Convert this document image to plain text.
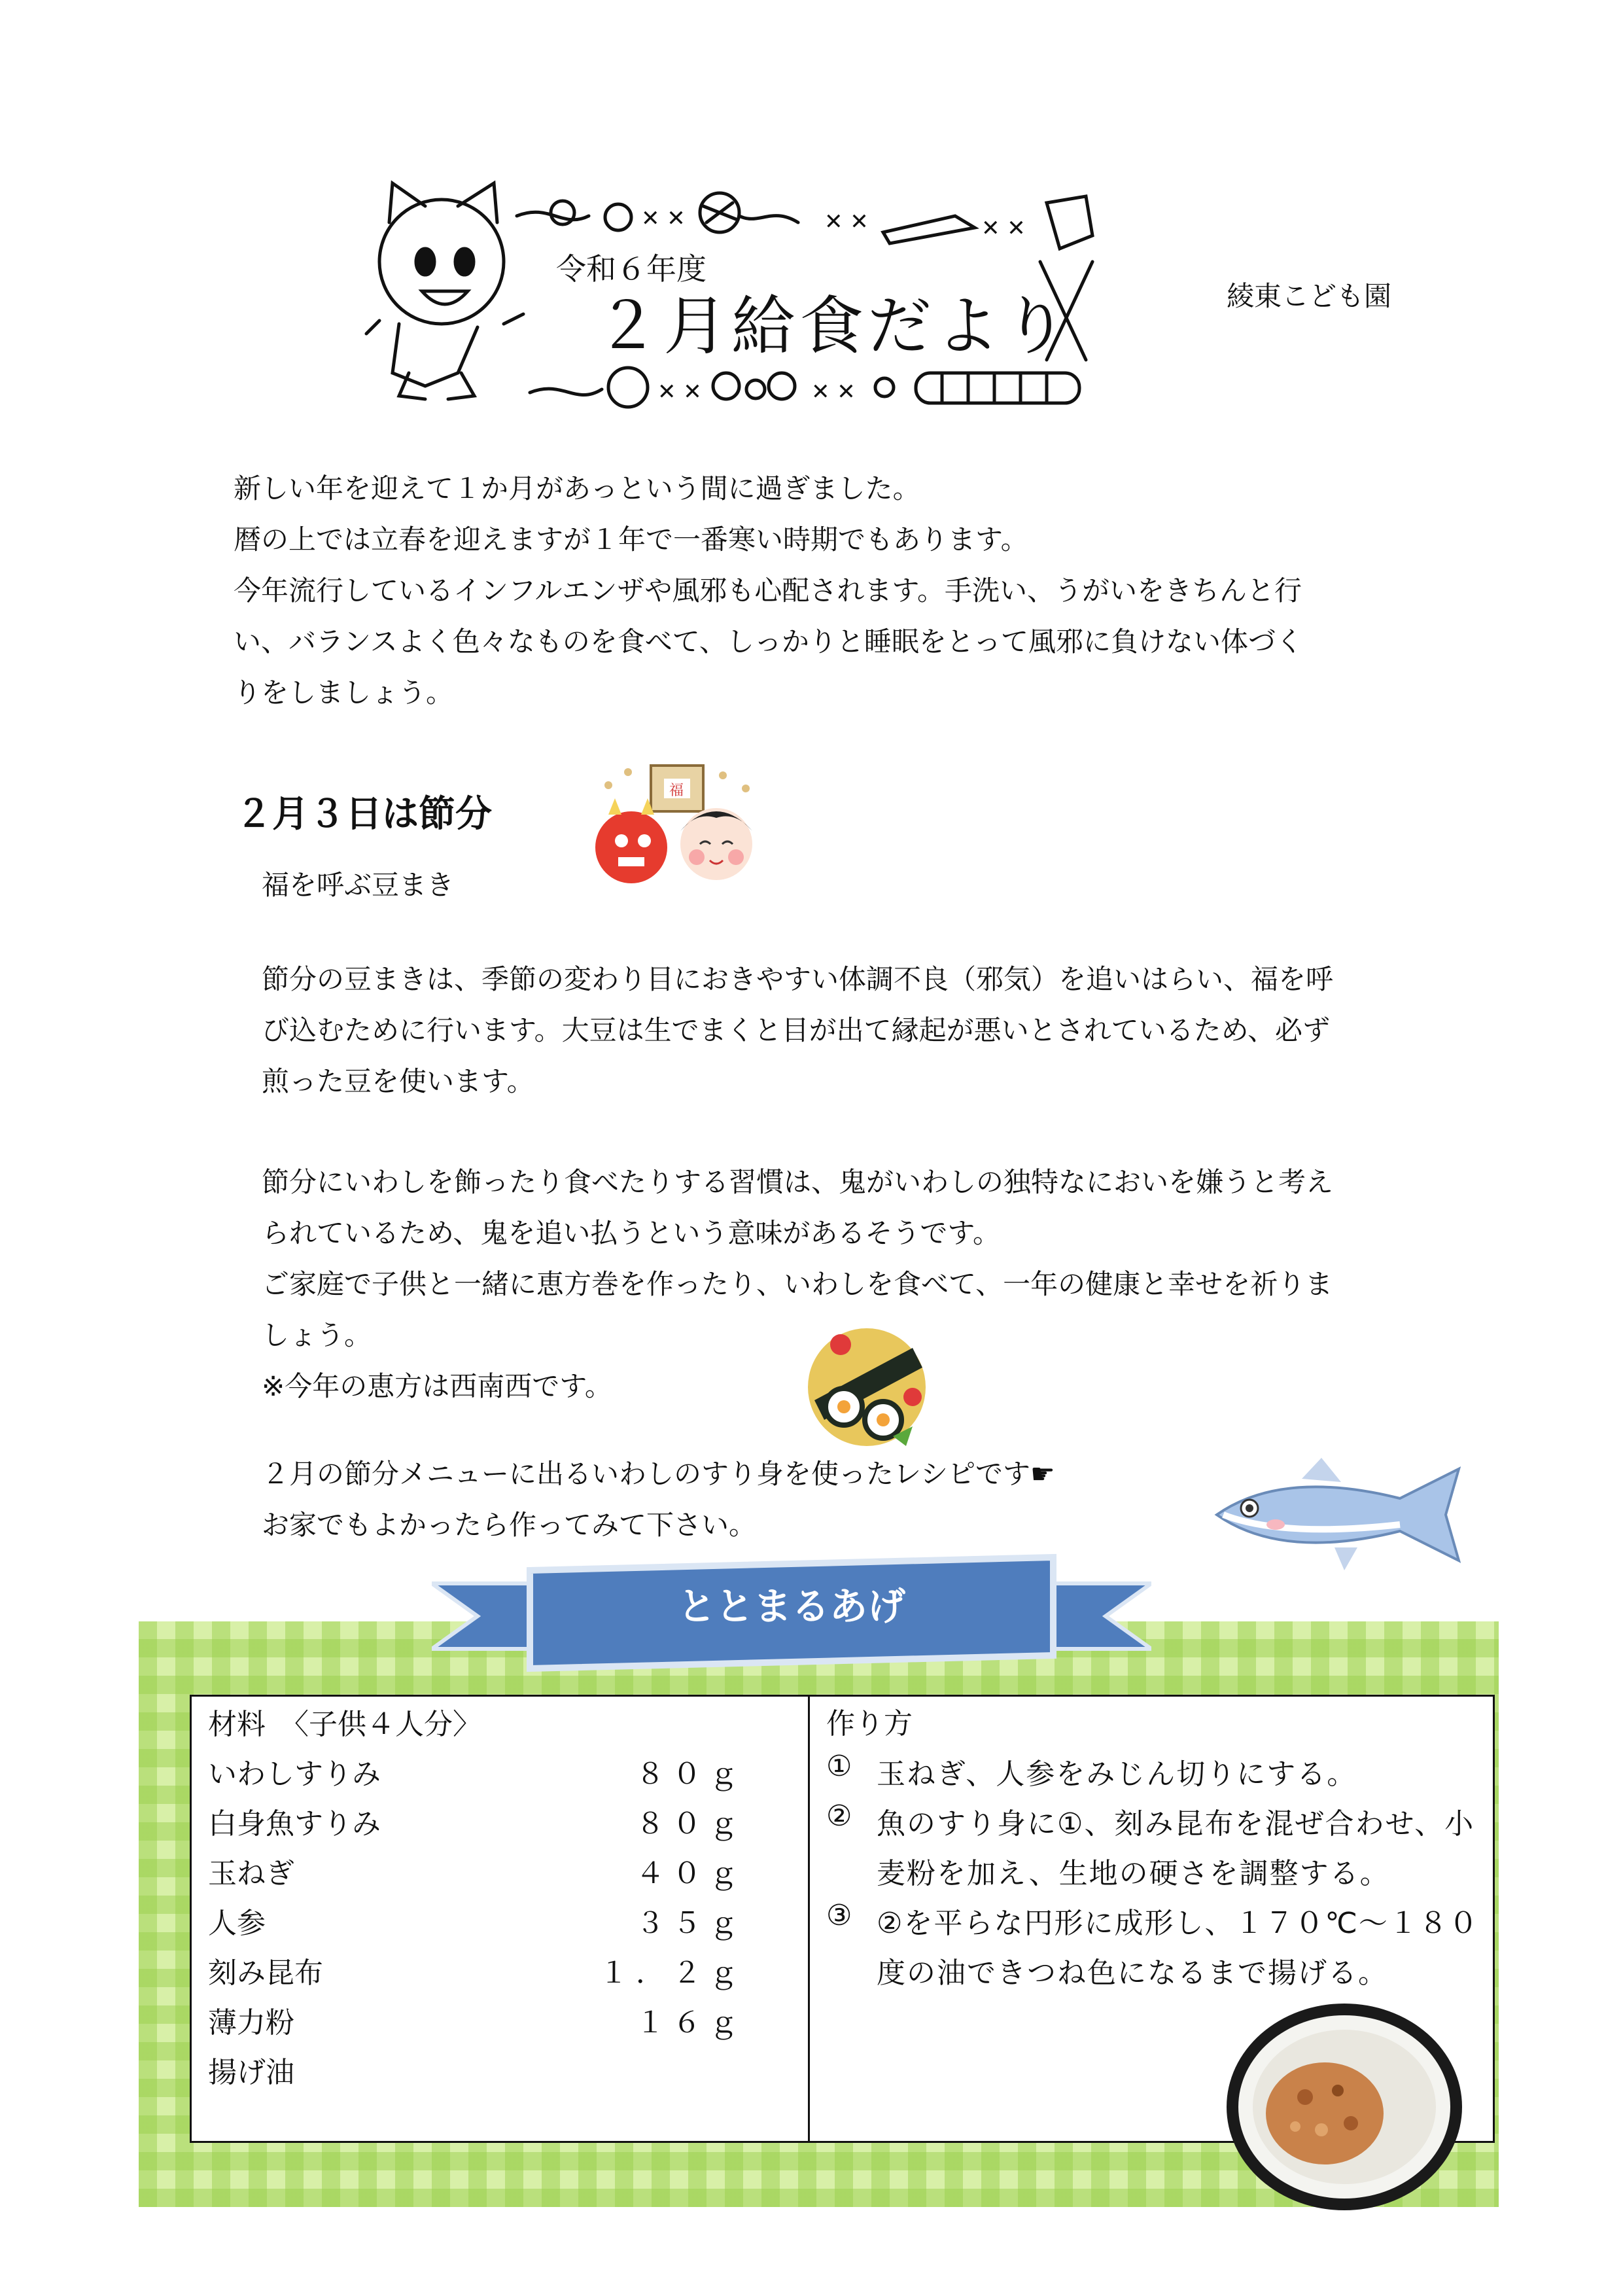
✕ ✕	✕ ✕	✕ ✕
✕ ✕	✕ ✕
令和６年度
２月給食だより	綾東こども園
新しい年を迎えて１か月があっという間に過ぎました。
暦の上では立春を迎えますが１年で一番寒い時期でもあります。
今年流行しているインフルエンザや風邪も心配されます。手洗い、うがいをきちんと行
い、バランスよく色々なものを食べて、しっかりと睡眠をとって風邪に負けない体づく
りをしましょう。
２月３日は節分
福
福を呼ぶ豆まき
節分の豆まきは、季節の変わり目におきやすい体調不良（邪気）を追いはらい、福を呼
び込むために行います。大豆は生でまくと目が出て縁起が悪いとされているため、必ず
煎った豆を使います。
節分にいわしを飾ったり食べたりする習慣は、鬼がいわしの独特なにおいを嫌うと考え
られているため、鬼を追い払うという意味があるそうです。
ご家庭で子供と一緒に恵方巻を作ったり、いわしを食べて、一年の健康と幸せを祈りま
しょう。
※今年の恵方は西南西です。
２月の節分メニューに出るいわしのすり身を使ったレシピです☛
お家でもよかったら作ってみて下さい。
ととまるあげ
材料　〈子供４人分〉
いわしすりみ	８０ｇ
白身魚すりみ	８０ｇ
玉ねぎ	４０ｇ
人参	３５ｇ
刻み昆布	１．２ｇ
薄力粉	１６ｇ
揚げ油
作り方
① 玉ねぎ、人参をみじん切りにする。
② 魚のすり身に①、刻み昆布を混ぜ合わせ、小
麦粉を加え、生地の硬さを調整する。
③ ②を平らな円形に成形し、１７０℃～１８０
度の油できつね色になるまで揚げる。
